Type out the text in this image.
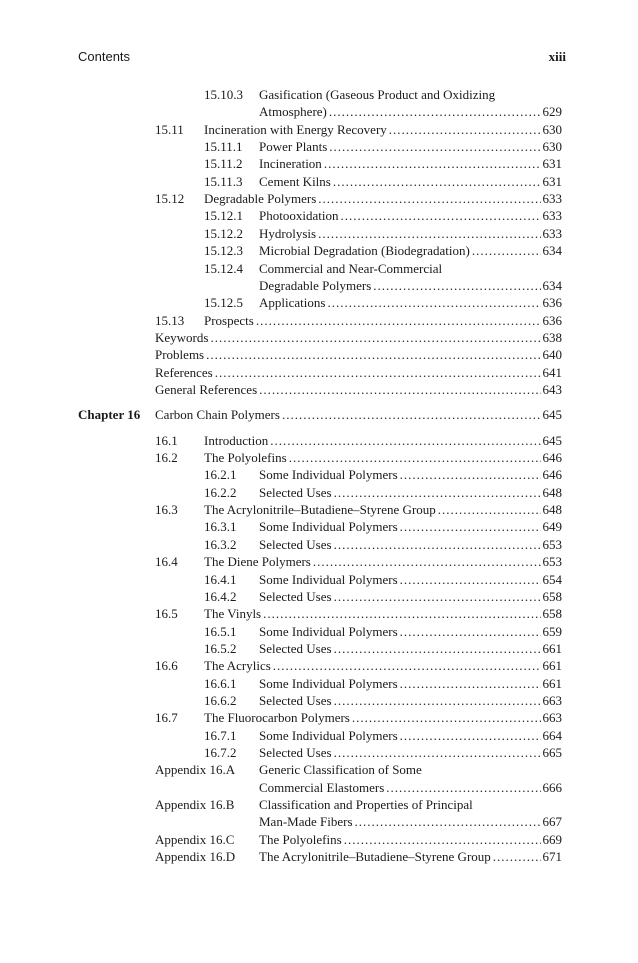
Contents	xiii
15.10.3 Gasification (Gaseous Product and Oxidizing
Atmosphere) .....	629
15.11 Incineration with Energy Recovery .....	630
15.11.1 Power Plants .....	630
15.11.2 Incineration .....	631
15.11.3 Cement Kilns .....	631
15.12 Degradable Polymers .....	633
15.12.1 Photooxidation .....	633
15.12.2 Hydrolysis .....	633
15.12.3 Microbial Degradation (Biodegradation) .....	634
15.12.4 Commercial and Near-Commercial
Degradable Polymers .....	634
15.12.5 Applications .....	636
15.13 Prospects .....	636
Keywords .....	638
Problems .....	640
References .....	641
General References .....	643
Chapter 16 Carbon Chain Polymers .....	645
16.1 Introduction .....	645
16.2 The Polyolefins .....	646
16.2.1 Some Individual Polymers .....	646
16.2.2 Selected Uses .....	648
16.3 The Acrylonitrile–Butadiene–Styrene Group .....	648
16.3.1 Some Individual Polymers .....	649
16.3.2 Selected Uses .....	653
16.4 The Diene Polymers .....	653
16.4.1 Some Individual Polymers .....	654
16.4.2 Selected Uses .....	658
16.5 The Vinyls .....	658
16.5.1 Some Individual Polymers .....	659
16.5.2 Selected Uses .....	661
16.6 The Acrylics .....	661
16.6.1 Some Individual Polymers .....	661
16.6.2 Selected Uses .....	663
16.7 The Fluorocarbon Polymers .....	663
16.7.1 Some Individual Polymers .....	664
16.7.2 Selected Uses .....	665
Appendix 16.A Generic Classification of Some
Commercial Elastomers .....	666
Appendix 16.B Classification and Properties of Principal
Man-Made Fibers .....	667
Appendix 16.C The Polyolefins .....	669
Appendix 16.D The Acrylonitrile–Butadiene–Styrene Group .....	671
